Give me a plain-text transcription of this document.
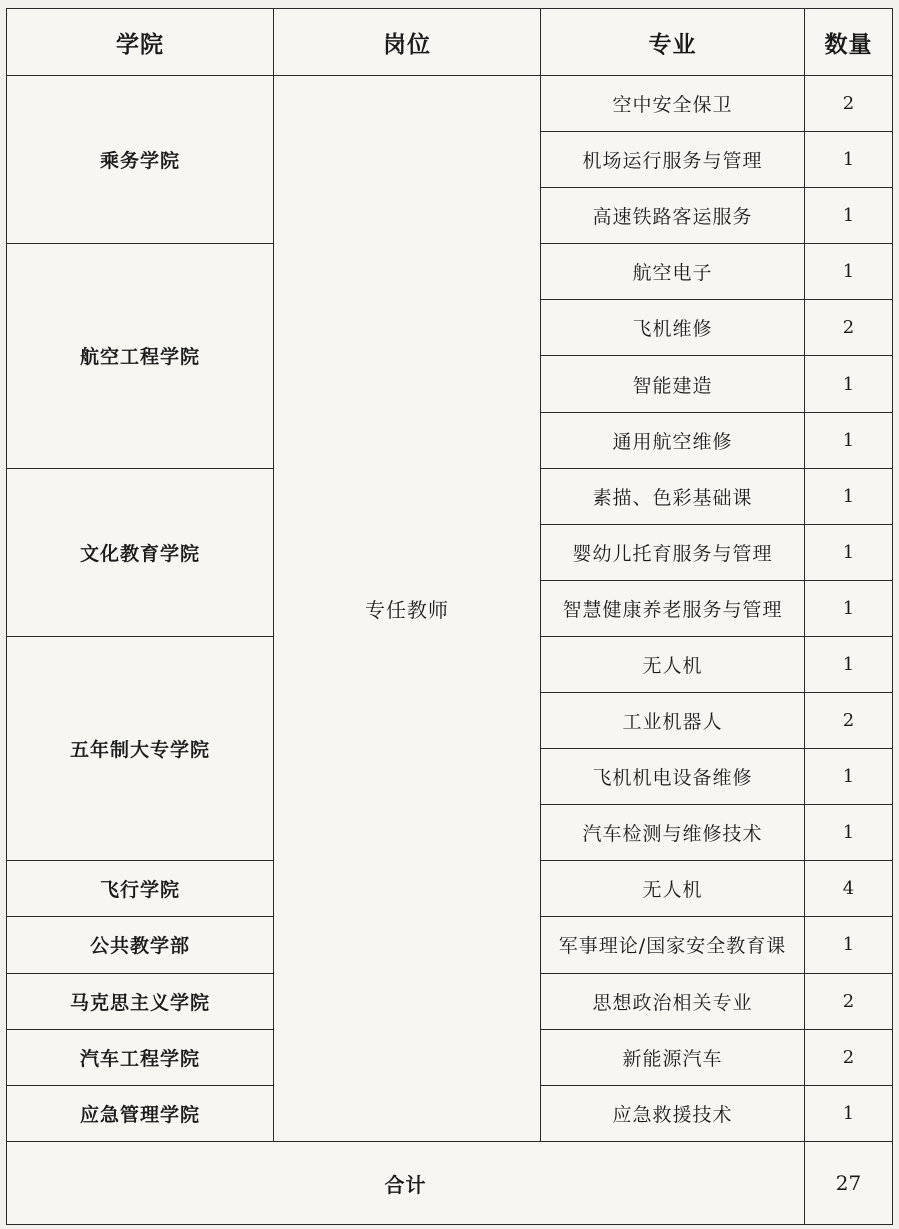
学院	岗位	专业	数量
乘务学院	专任教师	空中安全保卫	2
		机场运行服务与管理	1
		高速铁路客运服务	1
航空工程学院		航空电子	1
		飞机维修	2
		智能建造	1
		通用航空维修	1
文化教育学院		素描、色彩基础课	1
		婴幼儿托育服务与管理	1
		智慧健康养老服务与管理	1
五年制大专学院		无人机	1
		工业机器人	2
		飞机机电设备维修	1
		汽车检测与维修技术	1
飞行学院		无人机	4
公共教学部		军事理论/国家安全教育课	1
马克思主义学院		思想政治相关专业	2
汽车工程学院		新能源汽车	2
应急管理学院		应急救援技术	1
合计			27
